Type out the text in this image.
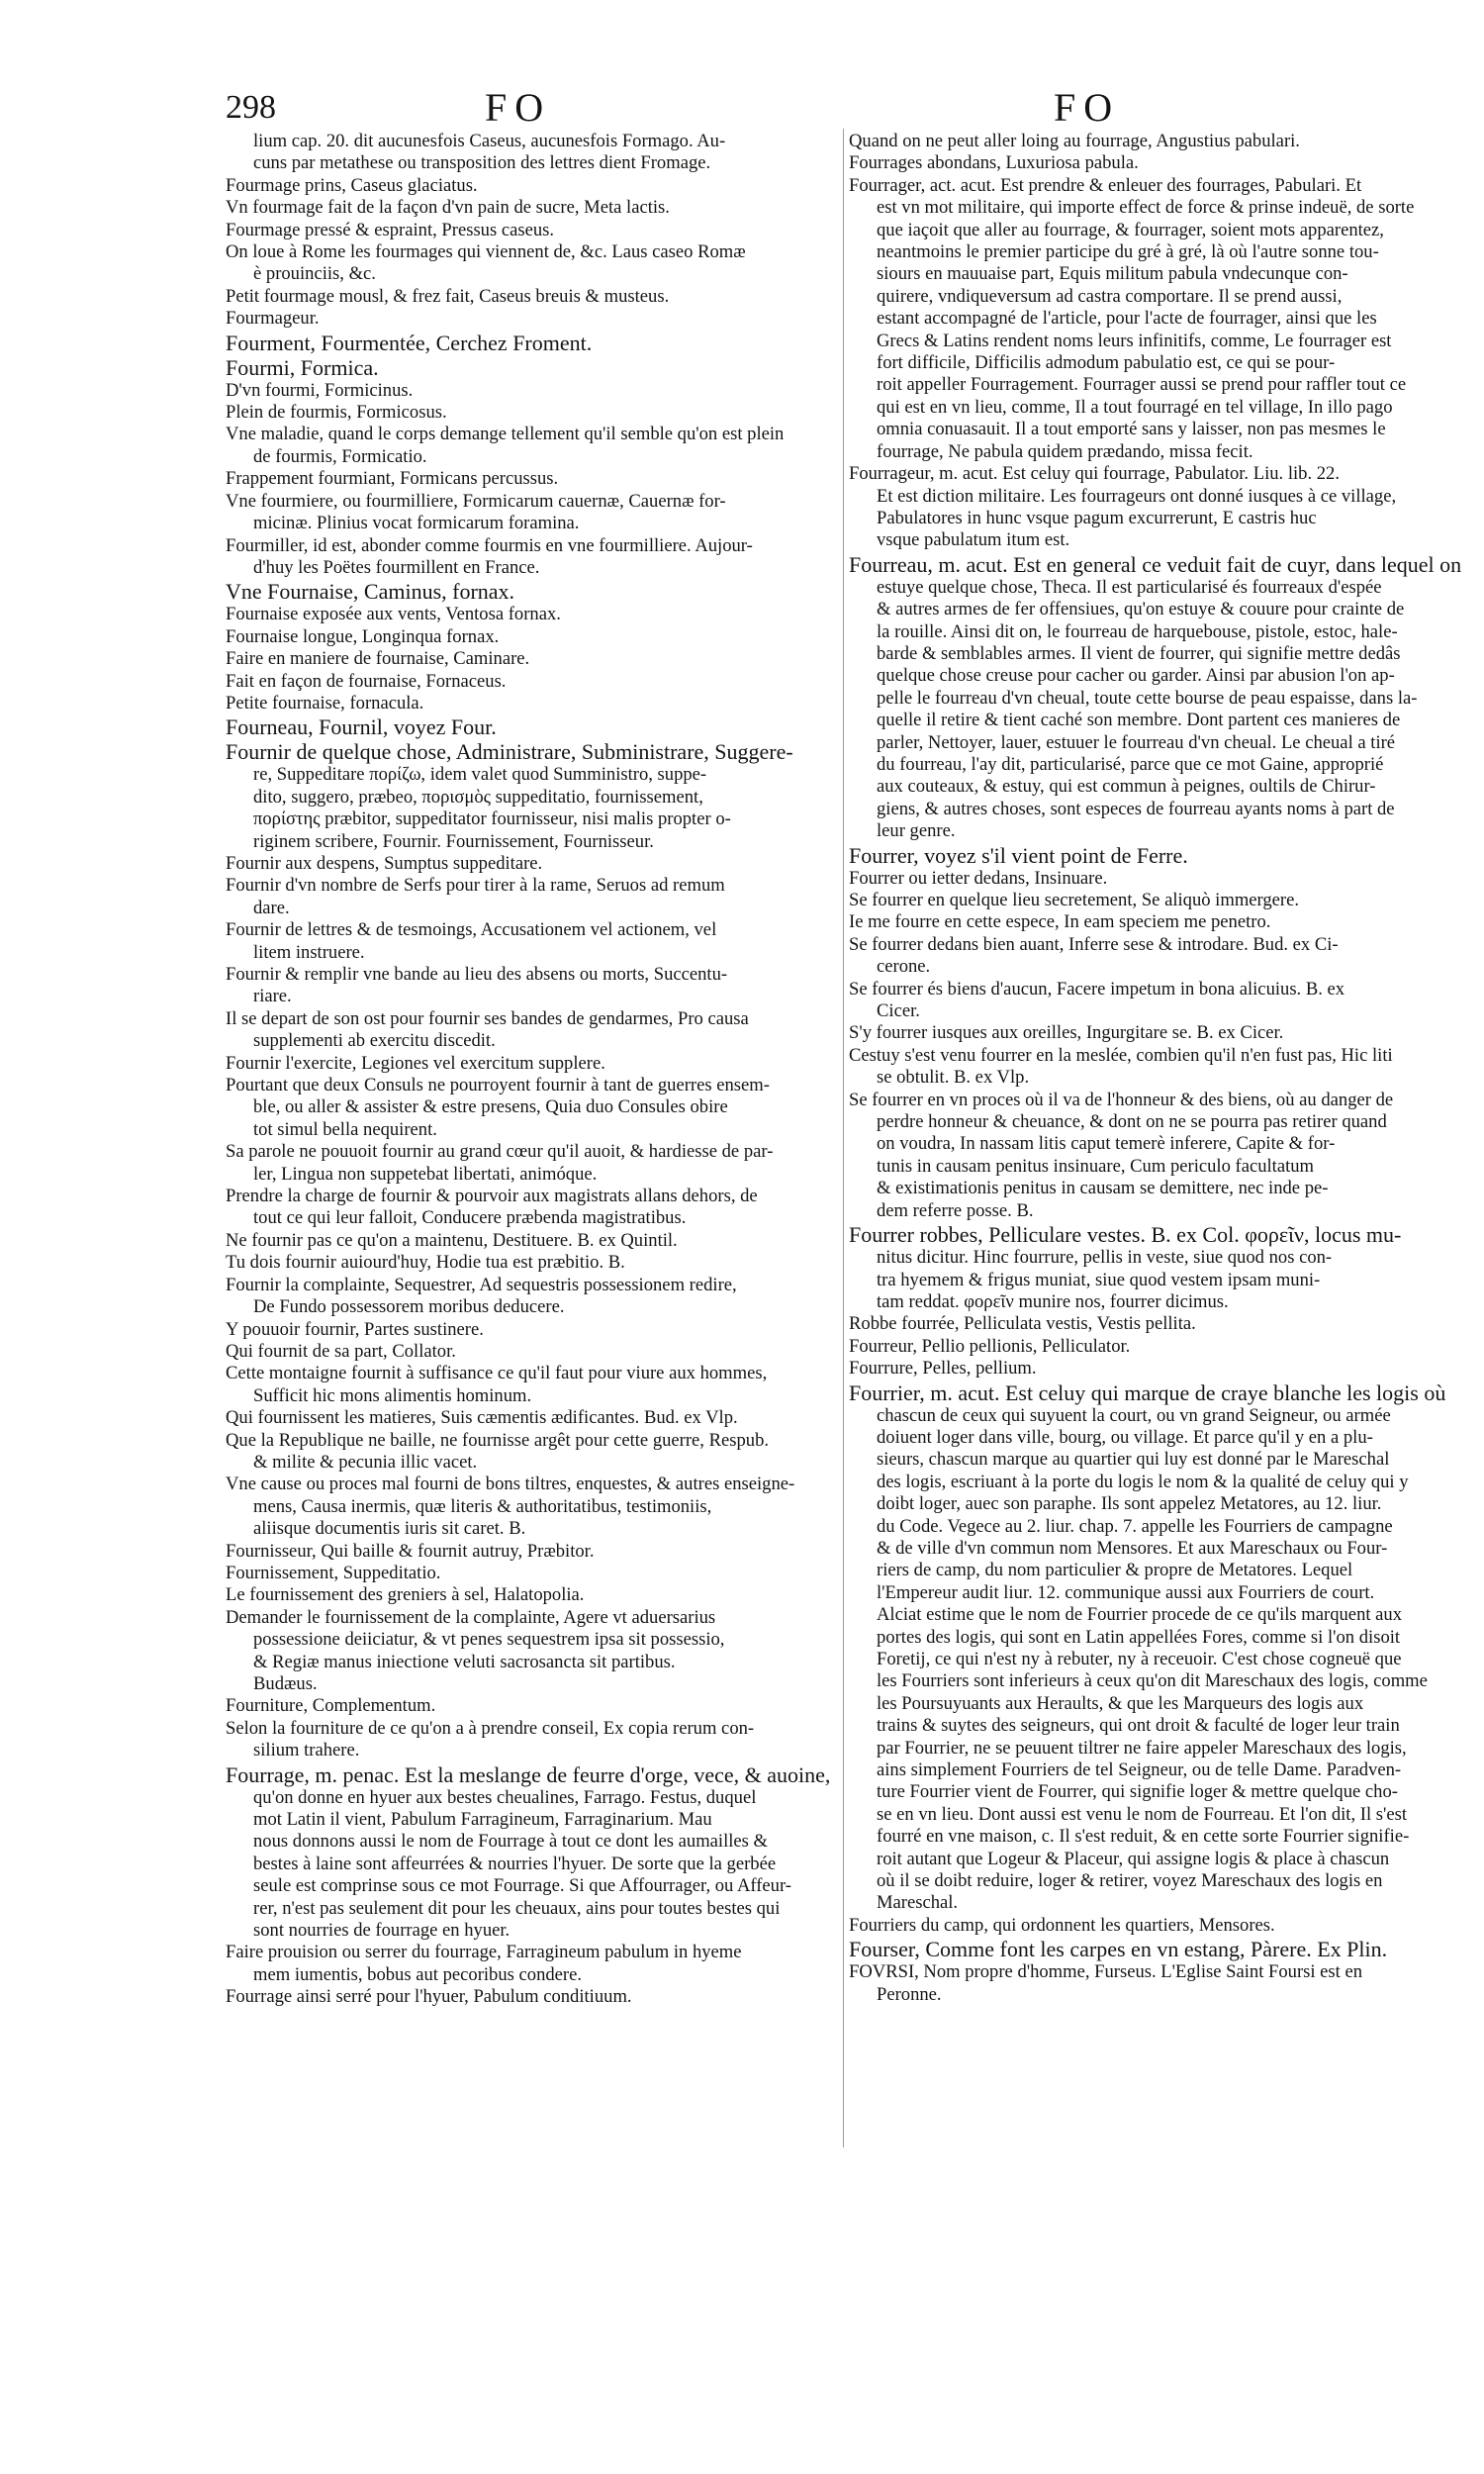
298	FO	FO

lium cap. 20. dit aucunesfois Caseus, aucunesfois Formago. Au-

cuns par metathese ou transposition des lettres dient Fromage.

Fourmage prins, Caseus glaciatus.

Vn fourmage fait de la façon d'vn pain de sucre, Meta lactis.

Fourmage pressé & espraint, Pressus caseus.

On loue à Rome les fourmages qui viennent de, &c. Laus caseo Romæ

è prouinciis, &c.

Petit fourmage mousl, & frez fait, Caseus breuis & musteus.

Fourmageur.

Fourment, Fourmentée, Cerchez Froment.

Fourmi, Formica.

D'vn fourmi, Formicinus.

Plein de fourmis, Formicosus.

Vne maladie, quand le corps demange tellement qu'il semble qu'on est plein

de fourmis, Formicatio.

Frappement fourmiant, Formicans percussus.

Vne fourmiere, ou fourmilliere, Formicarum cauernæ, Cauernæ for-

micinæ. Plinius vocat formicarum foramina.

Fourmiller, id est, abonder comme fourmis en vne fourmilliere. Aujour-

d'huy les Poëtes fourmillent en France.

Vne Fournaise, Caminus, fornax.

Fournaise exposée aux vents, Ventosa fornax.

Fournaise longue, Longinqua fornax.

Faire en maniere de fournaise, Caminare.

Fait en façon de fournaise, Fornaceus.

Petite fournaise, fornacula.

Fourneau, Fournil, voyez Four.

Fournir de quelque chose, Administrare, Subministrare, Suggere-

re, Suppeditare πορίζω, idem valet quod Sumministro, suppe-

dito, suggero, præbeo, πορισμὸς suppeditatio, fournissement,

πορίστης præbitor, suppeditator fournisseur, nisi malis propter o-

riginem scribere, Fournir. Fournissement, Fournisseur.

Fournir aux despens, Sumptus suppeditare.

Fournir d'vn nombre de Serfs pour tirer à la rame, Seruos ad remum

dare.

Fournir de lettres & de tesmoings, Accusationem vel actionem, vel

litem instruere.

Fournir & remplir vne bande au lieu des absens ou morts, Succentu-

riare.

Il se depart de son ost pour fournir ses bandes de gendarmes, Pro causa

supplementi ab exercitu discedit.

Fournir l'exercite, Legiones vel exercitum supplere.

Pourtant que deux Consuls ne pourroyent fournir à tant de guerres ensem-

ble, ou aller & assister & estre presens, Quia duo Consules obire

tot simul bella nequirent.

Sa parole ne pouuoit fournir au grand cœur qu'il auoit, & hardiesse de par-

ler, Lingua non suppetebat libertati, animóque.

Prendre la charge de fournir & pourvoir aux magistrats allans dehors, de

tout ce qui leur falloit, Conducere præbenda magistratibus.

Ne fournir pas ce qu'on a maintenu, Destituere. B. ex Quintil.

Tu dois fournir auiourd'huy, Hodie tua est præbitio. B.

Fournir la complainte, Sequestrer, Ad sequestris possessionem redire,

De Fundo possessorem moribus deducere.

Y pouuoir fournir, Partes sustinere.

Qui fournit de sa part, Collator.

Cette montaigne fournit à suffisance ce qu'il faut pour viure aux hommes,

Sufficit hic mons alimentis hominum.

Qui fournissent les matieres, Suis cæmentis ædificantes. Bud. ex Vlp.

Que la Republique ne baille, ne fournisse argêt pour cette guerre, Respub.

& milite & pecunia illic vacet.

Vne cause ou proces mal fourni de bons tiltres, enquestes, & autres enseigne-

mens, Causa inermis, quæ literis & authoritatibus, testimoniis,

aliisque documentis iuris sit caret. B.

Fournisseur, Qui baille & fournit autruy, Præbitor.

Fournissement, Suppeditatio.

Le fournissement des greniers à sel, Halatopolia.

Demander le fournissement de la complainte, Agere vt aduersarius

possessione deiiciatur, & vt penes sequestrem ipsa sit possessio,

& Regiæ manus iniectione veluti sacrosancta sit partibus.

Budæus.

Fourniture, Complementum.

Selon la fourniture de ce qu'on a à prendre conseil, Ex copia rerum con-

silium trahere.

Fourrage, m. penac. Est la meslange de feurre d'orge, vece, & auoine,

qu'on donne en hyuer aux bestes cheualines, Farrago. Festus, duquel

mot Latin il vient, Pabulum Farragineum, Farraginarium. Mau

nous donnons aussi le nom de Fourrage à tout ce dont les aumailles &

bestes à laine sont affeurrées & nourries l'hyuer. De sorte que la gerbée

seule est comprinse sous ce mot Fourrage. Si que Affourrager, ou Affeur-

rer, n'est pas seulement dit pour les cheuaux, ains pour toutes bestes qui

sont nourries de fourrage en hyuer.

Faire prouision ou serrer du fourrage, Farragineum pabulum in hyeme

mem iumentis, bobus aut pecoribus condere.

Fourrage ainsi serré pour l'hyuer, Pabulum conditiuum.

Quand on ne peut aller loing au fourrage, Angustius pabulari.

Fourrages abondans, Luxuriosa pabula.

Fourrager, act. acut. Est prendre & enleuer des fourrages, Pabulari. Et

est vn mot militaire, qui importe effect de force & prinse indeuë, de sorte

que iaçoit que aller au fourrage, & fourrager, soient mots apparentez,

neantmoins le premier participe du gré à gré, là où l'autre sonne tou-

siours en mauuaise part, Equis militum pabula vndecunque con-

quirere, vndiqueversum ad castra comportare. Il se prend aussi,

estant accompagné de l'article, pour l'acte de fourrager, ainsi que les

Grecs & Latins rendent noms leurs infinitifs, comme, Le fourrager est

fort difficile, Difficilis admodum pabulatio est, ce qui se pour-

roit appeller Fourragement. Fourrager aussi se prend pour raffler tout ce

qui est en vn lieu, comme, Il a tout fourragé en tel village, In illo pago

omnia conuasauit. Il a tout emporté sans y laisser, non pas mesmes le

fourrage, Ne pabula quidem prædando, missa fecit.

Fourrageur, m. acut. Est celuy qui fourrage, Pabulator. Liu. lib. 22.

Et est diction militaire. Les fourrageurs ont donné iusques à ce village,

Pabulatores in hunc vsque pagum excurrerunt, E castris huc

vsque pabulatum itum est.

Fourreau, m. acut. Est en general ce veduit fait de cuyr, dans lequel on

estuye quelque chose, Theca. Il est particularisé és fourreaux d'espée

& autres armes de fer offensiues, qu'on estuye & couure pour crainte de

la rouille. Ainsi dit on, le fourreau de harquebouse, pistole, estoc, hale-

barde & semblables armes. Il vient de fourrer, qui signifie mettre dedâs

quelque chose creuse pour cacher ou garder. Ainsi par abusion l'on ap-

pelle le fourreau d'vn cheual, toute cette bourse de peau espaisse, dans la-

quelle il retire & tient caché son membre. Dont partent ces manieres de

parler, Nettoyer, lauer, estuuer le fourreau d'vn cheual. Le cheual a tiré

du fourreau, l'ay dit, particularisé, parce que ce mot Gaine, approprié

aux couteaux, & estuy, qui est commun à peignes, oultils de Chirur-

giens, & autres choses, sont especes de fourreau ayants noms à part de

leur genre.

Fourrer, voyez s'il vient point de Ferre.

Fourrer ou ietter dedans, Insinuare.

Se fourrer en quelque lieu secretement, Se aliquò immergere.

Ie me fourre en cette espece, In eam speciem me penetro.

Se fourrer dedans bien auant, Inferre sese & introdare. Bud. ex Ci-

cerone.

Se fourrer és biens d'aucun, Facere impetum in bona alicuius. B. ex

Cicer.

S'y fourrer iusques aux oreilles, Ingurgitare se. B. ex Cicer.

Cestuy s'est venu fourrer en la meslée, combien qu'il n'en fust pas, Hic liti

se obtulit. B. ex Vlp.

Se fourrer en vn proces où il va de l'honneur & des biens, où au danger de

perdre honneur & cheuance, & dont on ne se pourra pas retirer quand

on voudra, In nassam litis caput temerè inferere, Capite & for-

tunis in causam penitus insinuare, Cum periculo facultatum

& existimationis penitus in causam se demittere, nec inde pe-

dem referre posse. B.

Fourrer robbes, Pelliculare vestes. B. ex Col. φορεῖν, locus mu-

nitus dicitur. Hinc fourrure, pellis in veste, siue quod nos con-

tra hyemem & frigus muniat, siue quod vestem ipsam muni-

tam reddat. φορεῖν munire nos, fourrer dicimus.

Robbe fourrée, Pelliculata vestis, Vestis pellita.

Fourreur, Pellio pellionis, Pelliculator.

Fourrure, Pelles, pellium.

Fourrier, m. acut. Est celuy qui marque de craye blanche les logis où

chascun de ceux qui suyuent la court, ou vn grand Seigneur, ou armée

doiuent loger dans ville, bourg, ou village. Et parce qu'il y en a plu-

sieurs, chascun marque au quartier qui luy est donné par le Mareschal

des logis, escriuant à la porte du logis le nom & la qualité de celuy qui y

doibt loger, auec son paraphe. Ils sont appelez Metatores, au 12. liur.

du Code. Vegece au 2. liur. chap. 7. appelle les Fourriers de campagne

& de ville d'vn commun nom Mensores. Et aux Mareschaux ou Four-

riers de camp, du nom particulier & propre de Metatores. Lequel

l'Empereur audit liur. 12. communique aussi aux Fourriers de court.

Alciat estime que le nom de Fourrier procede de ce qu'ils marquent aux

portes des logis, qui sont en Latin appellées Fores, comme si l'on disoit

Foretij, ce qui n'est ny à rebuter, ny à receuoir. C'est chose cogneuë que

les Fourriers sont inferieurs à ceux qu'on dit Mareschaux des logis, comme

les Poursuyuants aux Heraults, & que les Marqueurs des logis aux

trains & suytes des seigneurs, qui ont droit & faculté de loger leur train

par Fourrier, ne se peuuent tiltrer ne faire appeler Mareschaux des logis,

ains simplement Fourriers de tel Seigneur, ou de telle Dame. Paradven-

ture Fourrier vient de Fourrer, qui signifie loger & mettre quelque cho-

se en vn lieu. Dont aussi est venu le nom de Fourreau. Et l'on dit, Il s'est

fourré en vne maison, c. Il s'est reduit, & en cette sorte Fourrier signifie-

roit autant que Logeur & Placeur, qui assigne logis & place à chascun

où il se doibt reduire, loger & retirer, voyez Mareschaux des logis en

Mareschal.

Fourriers du camp, qui ordonnent les quartiers, Mensores.

Fourser, Comme font les carpes en vn estang, Pàrere. Ex Plin.

FOVRSI, Nom propre d'homme, Furseus. L'Eglise Saint Foursi est en

Peronne.
